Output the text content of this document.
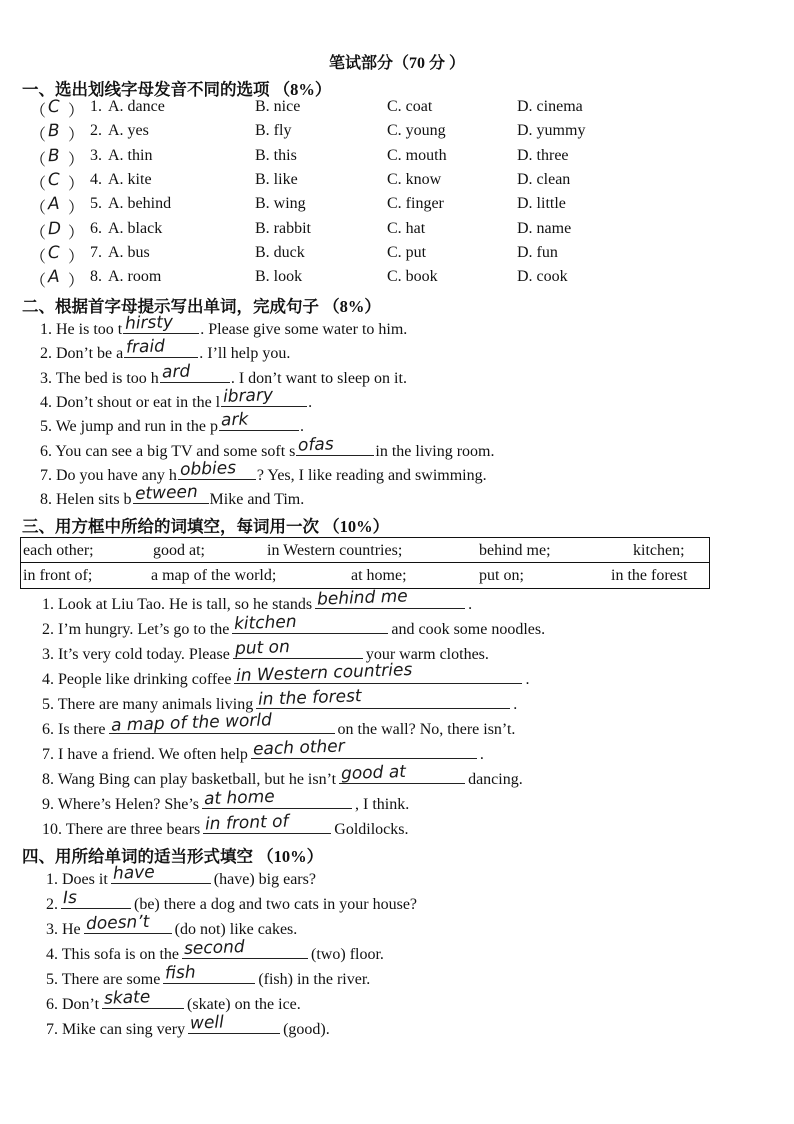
笔试部分（70 分 ）
一、选出划线字母发音不同的选项 （8%）
（ C ） 1. A. dance	B. nice	C. coat	D. cinema
（ B ） 2. A. yes	B. fly	C. young	D. yummy
（ B ） 3. A. thin	B. this	C. mouth	D. three
（ C ） 4. A. kite	B. like	C. know	D. clean
（ A ） 5. A. behind	B. wing	C. finger	D. little
（ D ） 6. A. black	B. rabbit	C. hat	D. name
（ C ） 7. A. bus	B. duck	C. put	D. fun
（ A ） 8. A. room	B. look	C. book	D. cook
二、根据首字母提示写出单词，完成句子 （8%）
1. He is too t hirsty . Please give some water to him.
2. Don’t be a fraid . I’ll help you.
3. The bed is too h ard	. I don’t want to sleep on it.
4. Don’t shout or eat in the l ibrary .
5. We jump and run in the p ark	.
6. You can see a big TV and some soft s ofas	in the living room.
7. Do you have any h obbies ? Yes, I like reading and swimming.
8. Helen sits b etween Mike and Tim.
三、用方框中所给的词填空，每词用一次 （10%）
each other;	good at;	in Western countries;	behind me;	kitchen;
in front of;	a map of the world;	at home;	put on;	in the forest
1. Look at Liu Tao. He is tall, so he stands behind me	.
2. I’m hungry. Let’s go to the kitchen	and cook some noodles.
3. It’s very cold today. Please put on	your warm clothes.
4. People like drinking coffee in Western countries	.
5. There are many animals living in the forest	.
6. Is there a map of the world	on the wall? No, there isn’t.
7. I have a friend. We often help each other	.
8. Wang Bing can play basketball, but he isn’t good at	dancing.
9. Where’s Helen? She’s at home	, I think.
10. There are three bears in front of	Goldilocks.
四、用所给单词的适当形式填空 （10%）
1. Does it have	(have) big ears?
2. Is	(be) there a dog and two cats in your house?
3. He doesn’t (do not) like cakes.
4. This sofa is on the second	(two) floor.
5. There are some fish	(fish) in the river.
6. Don’t skate (skate) on the ice.
7. Mike can sing very well	(good).
